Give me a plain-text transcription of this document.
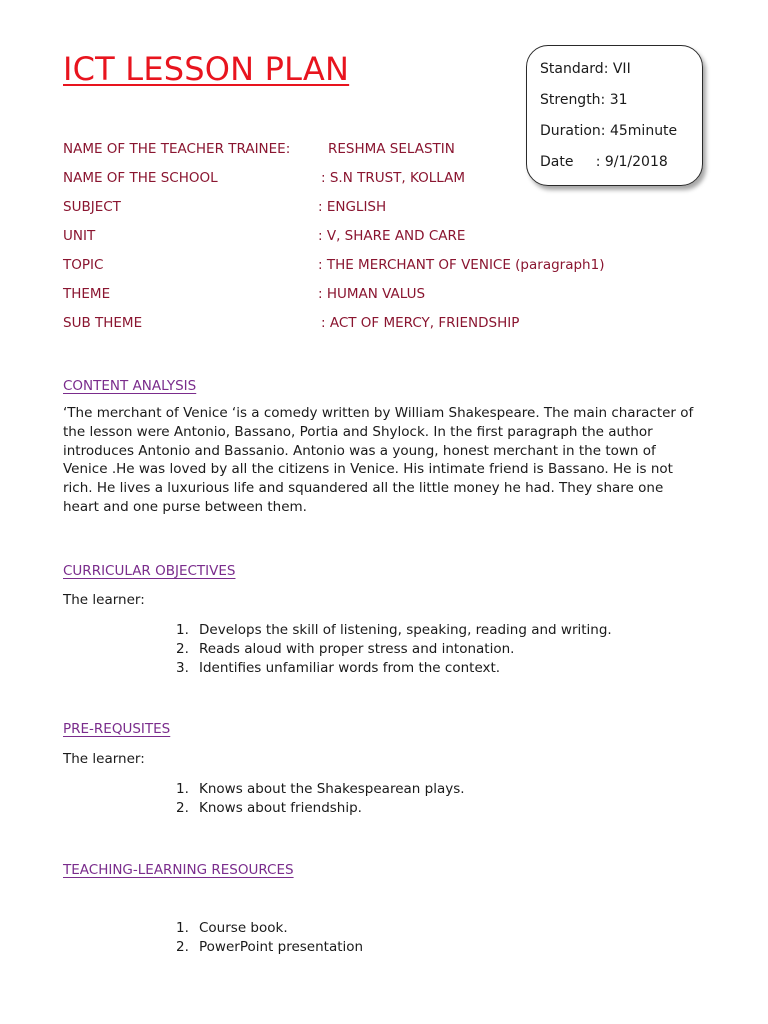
ICT LESSON PLAN	Standard: VII
Strength: 31
Duration: 45minute
Date     : 9/1/2018
NAME OF THE TEACHER TRAINEE:	RESHMA SELASTIN
NAME OF THE SCHOOL	: S.N TRUST, KOLLAM
SUBJECT	: ENGLISH
UNIT	: V, SHARE AND CARE
TOPIC	: THE MERCHANT OF VENICE (paragraph1)
THEME	: HUMAN VALUS
SUB THEME	: ACT OF MERCY, FRIENDSHIP
CONTENT ANALYSIS
‘The merchant of Venice ‘is a comedy written by William Shakespeare. The main character of the lesson were Antonio, Bassano, Portia and Shylock. In the first paragraph the author introduces Antonio and Bassanio. Antonio was a young, honest merchant in the town of Venice .He was loved by all the citizens in Venice. His intimate friend is Bassano. He is not rich. He lives a luxurious life and squandered all the little money he had. They share one heart and one purse between them.
CURRICULAR OBJECTIVES
The learner:
1. Develops the skill of listening, speaking, reading and writing.
2. Reads aloud with proper stress and intonation.
3. Identifies unfamiliar words from the context.
PRE-REQUSITES
The learner:
1. Knows about the Shakespearean plays.
2. Knows about friendship.
TEACHING-LEARNING RESOURCES
1. Course book.
2. PowerPoint presentation
